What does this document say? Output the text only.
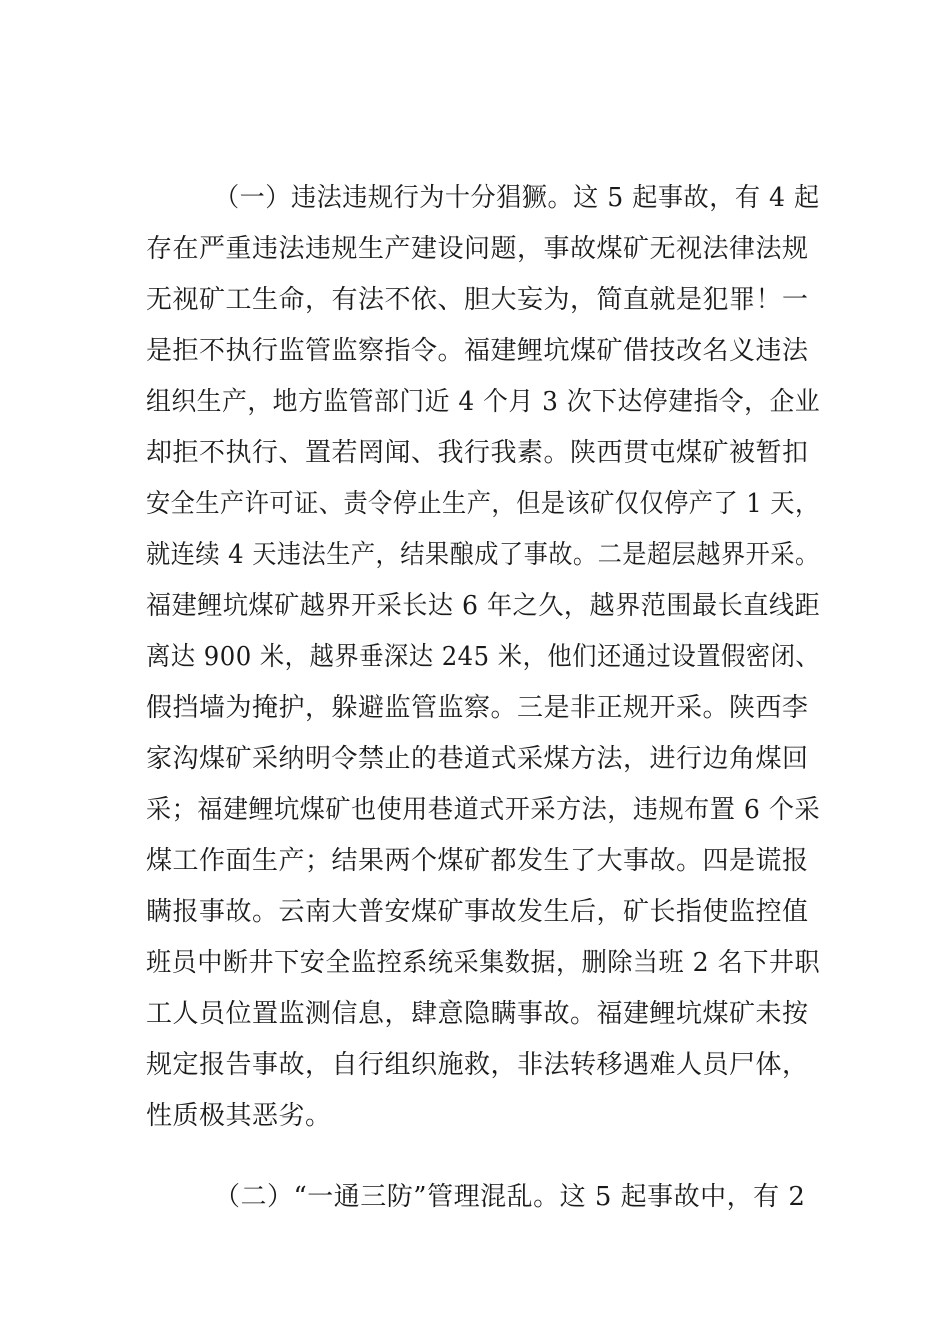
（一）违法违规行为十分猖獗。这 5 起事故，有 4 起
存在严重违法违规生产建设问题，事故煤矿无视法律法规
无视矿工生命，有法不依、胆大妄为，简直就是犯罪！一
是拒不执行监管监察指令。福建鲤坑煤矿借技改名义违法
组织生产，地方监管部门近 4 个月 3 次下达停建指令，企业
却拒不执行、置若罔闻、我行我素。陕西贯屯煤矿被暂扣
安全生产许可证、责令停止生产，但是该矿仅仅停产了 1 天，
就连续 4 天违法生产，结果酿成了事故。二是超层越界开采。
福建鲤坑煤矿越界开采长达 6 年之久，越界范围最长直线距
离达 900 米，越界垂深达 245 米，他们还通过设置假密闭、
假挡墙为掩护，躲避监管监察。三是非正规开采。陕西李
家沟煤矿采纳明令禁止的巷道式采煤方法，进行边角煤回
采；福建鲤坑煤矿也使用巷道式开采方法，违规布置 6 个采
煤工作面生产；结果两个煤矿都发生了大事故。四是谎报
瞒报事故。云南大普安煤矿事故发生后，矿长指使监控值
班员中断井下安全监控系统采集数据，删除当班 2 名下井职
工人员位置监测信息，肆意隐瞒事故。福建鲤坑煤矿未按
规定报告事故，自行组织施救，非法转移遇难人员尸体，
性质极其恶劣。
（二）“一通三防”管理混乱。这 5 起事故中，有 2
